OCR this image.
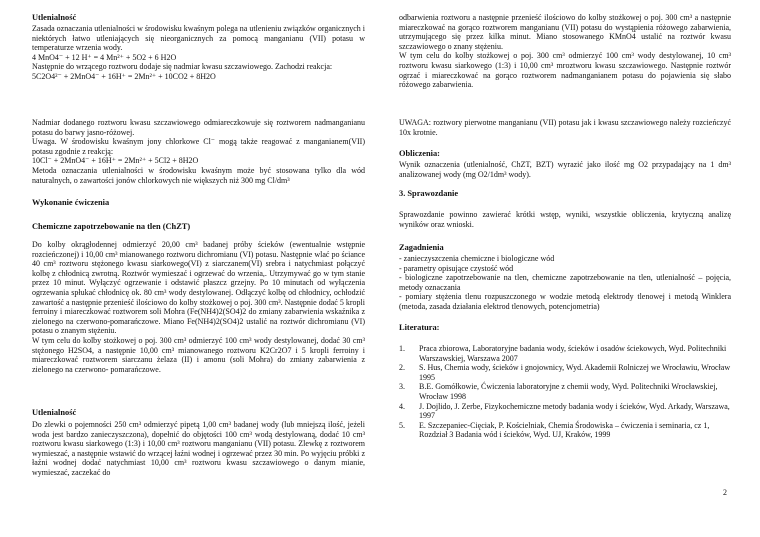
Utlenialność

Zasada oznaczania utlenialności w środowisku kwaśnym polega na utlenieniu związków organicznych i niektórych łatwo utleniających się nieorganicznych za pomocą manganianu (VII) potasu w temperaturze wrzenia wody.
4 MnO4⁻ + 12 H⁺ = 4 Mn²⁺ + 5O2 + 6 H2O
Następnie do wrzącego roztworu dodaje się nadmiar kwasu szczawiowego. Zachodzi reakcja:
5C2O4²⁻ + 2MnO4⁻ + 16H⁺ = 2Mn²⁺ + 10CO2 + 8H2O

Nadmiar dodanego roztworu kwasu szczawiowego odmiareczkowuje się roztworem nadmanganianu potasu do barwy jasno-różowej.
Uwaga. W środowisku kwaśnym jony chlorkowe Cl⁻ mogą także reagować z manganianem(VII) potasu zgodnie z reakcją:
10Cl⁻ + 2MnO4⁻ + 16H⁺ = 2Mn²⁺ + 5Cl2 + 8H2O
Metoda oznaczania utlenialności w środowisku kwaśnym może być stosowana tylko dla wód naturalnych, o zawartości jonów chlorkowych nie większych niż 300 mg Cl/dm³

Wykonanie ćwiczenia
Chemiczne zapotrzebowanie na tlen (ChZT)

Do kolby okrągłodennej odmierzyć 20,00 cm³ badanej próby ścieków (ewentualnie wstępnie rozcieńczonej) i 10,00 cm³ mianowanego roztworu dichromianu (VI) potasu. Następnie wlać po ściance 40 cm³ roztworu stężonego kwasu siarkowego(VI) z siarczanem(VI) srebra i natychmiast połączyć kolbę z chłodnicą zwrotną. Roztwór wymieszać i ogrzewać do wrzenia,. Utrzymywać go w tym stanie przez 10 minut. Wyłączyć ogrzewanie i odstawić płaszcz grzejny. Po 10 minutach od wyłączenia ogrzewania spłukać chłodnicę ok. 80 cm³ wody destylowanej. Odłączyć kolbę od chłodnicy, ochłodzić zawartość a następnie przenieść ilościowo do kolby stożkowej o poj. 300 cm³. Następnie dodać 5 kropli ferroiny i miareczkować roztworem soli Mohra (Fe(NH4)2(SO4)2 do zmiany zabarwienia wskaźnika z zielonego na czerwono-pomarańczowe. Miano Fe(NH4)2(SO4)2 ustalić na roztwór dichromianu (VI) potasu o znanym stężeniu.
W tym celu do kolby stożkowej o poj. 300 cm³ odmierzyć 100 cm³ wody destylowanej, dodać 30 cm³ stężonego H2SO4, a następnie 10,00 cm³ mianowanego roztworu K2Cr2O7 i 5 kropli ferroiny i miareczkować roztworem siarczanu żelaza (II) i amonu (soli Mohra) do zmiany zabarwienia z zielonego na czerwono- pomarańczowe.

Utlenialność

Do zlewki o pojemności 250 cm³ odmierzyć pipetą 1,00 cm³ badanej wody (lub mniejszą ilość, jeżeli woda jest bardzo zanieczyszczona), dopełnić do objętości 100 cm³ wodą destylowaną, dodać 10 cm³ roztworu kwasu siarkowego (1:3) i 10,00 cm³ roztworu manganianu (VII) potasu. Zlewkę z roztworem wymieszać, a następnie wstawić do wrzącej łaźni wodnej i ogrzewać przez 30 min. Po wyjęciu próbki z łaźni wodnej dodać natychmiast 10,00 cm³ roztworu kwasu szczawiowego o danym mianie, wymieszać, zaczekać do

odbarwienia roztworu a następnie przenieść ilościowo do kolby stożkowej o poj. 300 cm³ a następnie miareczkować na gorąco roztworem manganianu (VII) potasu do wystąpienia różowego zabarwienia, utrzymującego się przez kilka minut. Miano stosowanego KMnO4 ustalić na roztwór kwasu szczawiowego o znany stężeniu.
W tym celu do kolby stożkowej o poj. 300 cm³ odmierzyć 100 cm³ wody destylowanej, 10 cm³ roztworu kwasu siarkowego (1:3) i 10,00 cm³ mroztworu kwasu szczawiowego. Następnie roztwór ogrzać i miareczkować na gorąco roztworem nadmanganianem potasu do pojawienia się słabo różowego zabarwienia.

UWAGA: roztwory pierwotne manganianu (VII) potasu jak i kwasu szczawiowego należy rozcieńczyć 10x krotnie.

Obliczenia:

Wynik oznaczenia (utlenialność, ChZT, BZT) wyrazić jako ilość mg O2 przypadający na 1 dm³ analizowanej wody (mg O2/1dm³ wody).

3. Sprawozdanie

Sprawozdanie powinno zawierać krótki wstęp, wyniki, wszystkie obliczenia, krytyczną analizę wyników oraz wnioski.

Zagadnienia

- zanieczyszczenia chemiczne i biologiczne wód
- parametry opisujące czystość wód
- biologiczne zapotrzebowanie na tlen, chemiczne zapotrzebowanie na tlen, utlenialność – pojęcia, metody oznaczania
- pomiary stężenia tlenu rozpuszczonego w wodzie metodą elektrody tlenowej i metodą Winklera (metoda, zasada działania elektrod tlenowych, potencjometria)

Literatura:
1. Praca zbiorowa, Laboratoryjne badania wody, ścieków i osadów ściekowych, Wyd. Politechniki Warszawskiej, Warszawa 2007
2. S. Hus, Chemia wody, ścieków i gnojownicy, Wyd. Akademii Rolniczej we Wrocławiu, Wrocław 1995
3. B.E. Gomółkowie, Ćwiczenia laboratoryjne z chemii wody, Wyd. Politechniki Wrocławskiej, Wrocław 1998
4. J. Dojlido, J. Zerbe, Fizykochemiczne metody badania wody i ścieków, Wyd. Arkady, Warszawa, 1997
5. E. Szczepaniec-Cięciak, P. Kościelniak, Chemia Środowiska – ćwiczenia i seminaria, cz 1, Rozdział 3 Badania wód i ścieków, Wyd. UJ, Kraków, 1999
2
